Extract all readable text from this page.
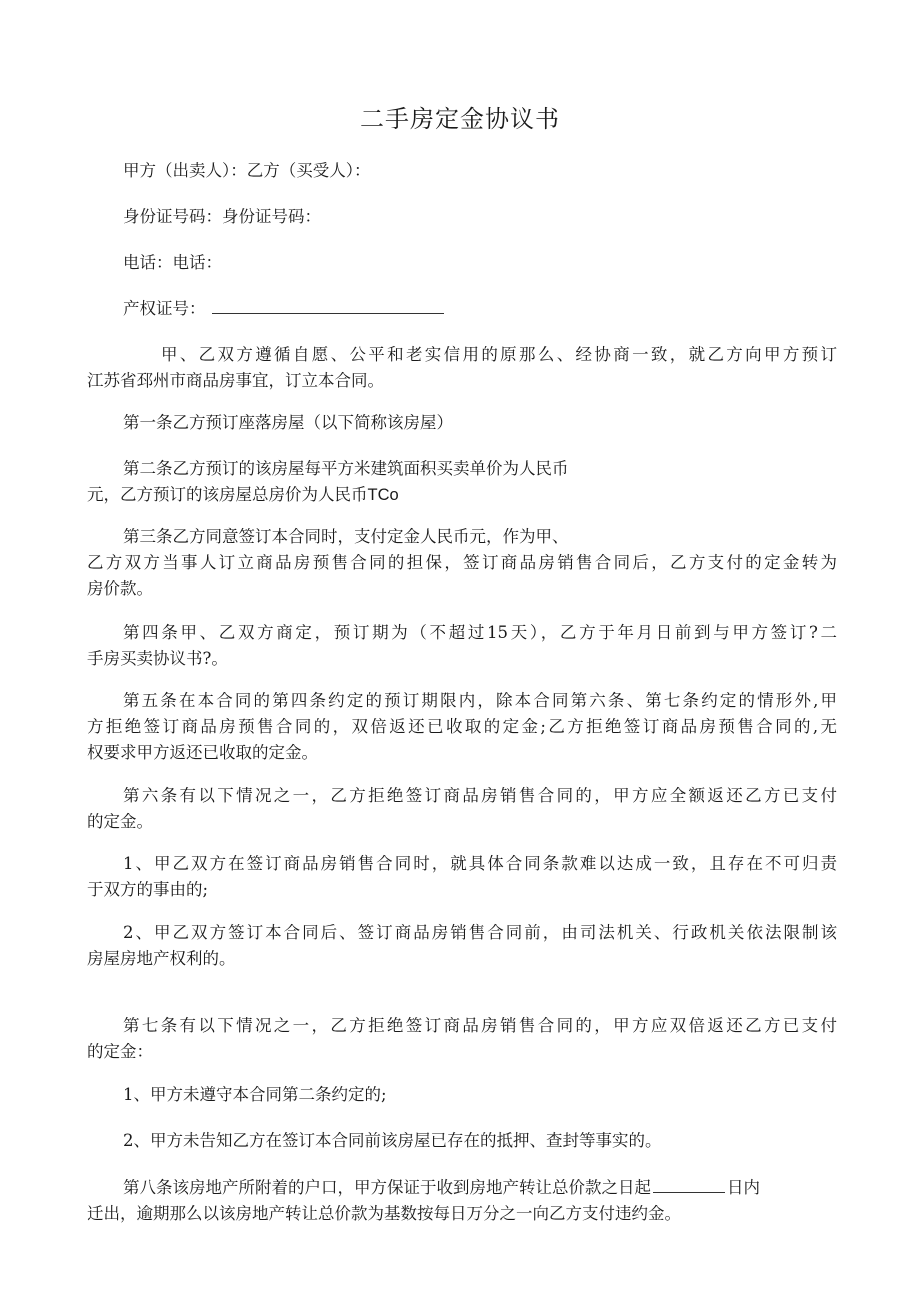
二手房定金协议书
甲方（出卖人）：乙方（买受人）：
身份证号码：身份证号码：
电话：电话：
产权证号：
甲、乙双方遵循自愿、公平和老实信用的原那么、经协商一致，就乙方向甲方预订
江苏省邳州市商品房事宜，订立本合同。
第一条乙方预订座落房屋（以下简称该房屋）
第二条乙方预订的该房屋每平方米建筑面积买卖单价为人民币
元，乙方预订的该房屋总房价为人民币TCo
第三条乙方同意签订本合同时，支付定金人民币元，作为甲、
乙方双方当事人订立商品房预售合同的担保，签订商品房销售合同后，乙方支付的定金转为
房价款。
第四条甲、乙双方商定，预订期为（不超过15天），乙方于年月日前到与甲方签订?二
手房买卖协议书?。
第五条在本合同的第四条约定的预订期限内，除本合同第六条、第七条约定的情形外,甲
方拒绝签订商品房预售合同的，双倍返还已收取的定金;乙方拒绝签订商品房预售合同的,无
权要求甲方返还已收取的定金。
第六条有以下情况之一，乙方拒绝签订商品房销售合同的，甲方应全额返还乙方已支付
的定金。
1、甲乙双方在签订商品房销售合同时，就具体合同条款难以达成一致，且存在不可归责
于双方的事由的;
2、甲乙双方签订本合同后、签订商品房销售合同前，由司法机关、行政机关依法限制该
房屋房地产权利的。
第七条有以下情况之一，乙方拒绝签订商品房销售合同的，甲方应双倍返还乙方已支付
的定金：
1、甲方未遵守本合同第二条约定的;
2、甲方未告知乙方在签订本合同前该房屋已存在的抵押、查封等事实的。
第八条该房地产所附着的户口，甲方保证于收到房地产转让总价款之日起	日内
迁出，逾期那么以该房地产转让总价款为基数按每日万分之一向乙方支付违约金。
